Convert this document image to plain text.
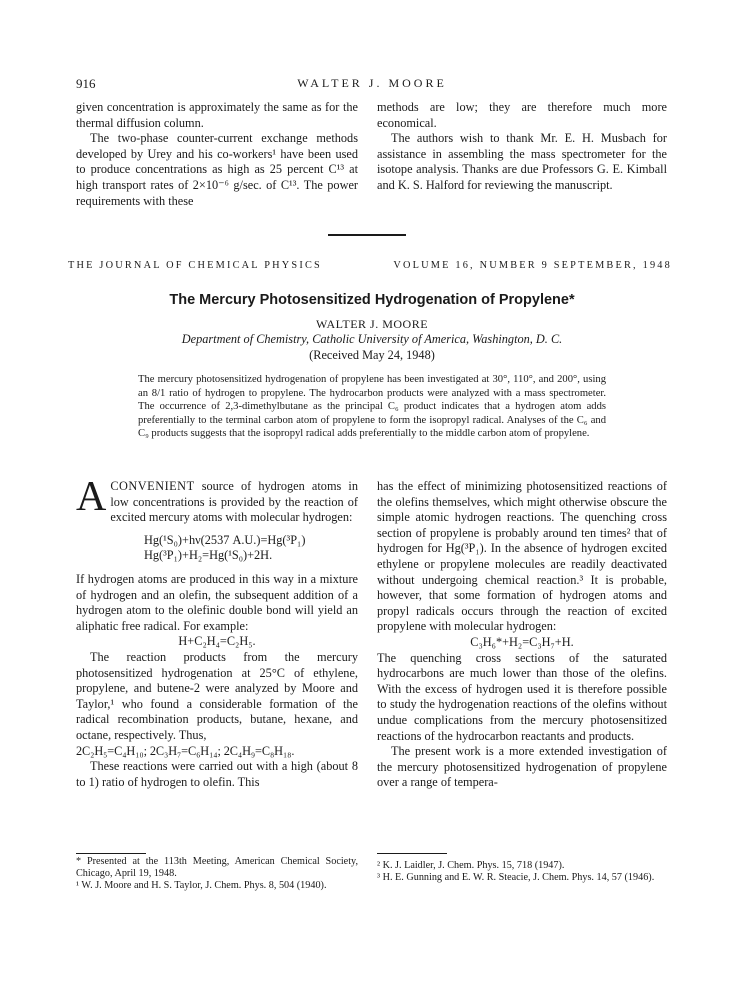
916	WALTER J. MOORE

given concentration is approximately the same as for the thermal diffusion column.

The two-phase counter-current exchange methods developed by Urey and his co-workers¹ have been used to produce concentrations as high as 25 percent C¹³ at high transport rates of 2×10⁻⁶ g/sec. of C¹³. The power requirements with these

methods are low; they are therefore much more economical.

The authors wish to thank Mr. E. H. Musbach for assistance in assembling the mass spectrometer for the isotope analysis. Thanks are due Professors G. E. Kimball and K. S. Halford for reviewing the manuscript.

THE JOURNAL OF CHEMICAL PHYSICS	VOLUME 16, NUMBER 9 SEPTEMBER, 1948
The Mercury Photosensitized Hydrogenation of Propylene*
WALTER J. MOORE
Department of Chemistry, Catholic University of America, Washington, D. C.
(Received May 24, 1948)
The mercury photosensitized hydrogenation of propylene has been investigated at 30°, 110°, and 200°, using an 8/1 ratio of hydrogen to propylene. The hydrocarbon products were analyzed with a mass spectrometer. The occurrence of 2,3-dimethylbutane as the principal C₆ product indicates that a hydrogen atom adds preferentially to the terminal carbon atom of propylene to form the isopropyl radical. Analyses of the C₆ and C₉ products suggests that the isopropyl radical adds preferentially to the middle carbon atom of propylene.

ACONVENIENT source of hydrogen atoms in low concentrations is provided by the reaction of excited mercury atoms with molecular hydrogen:

Hg(¹S₀)+hν(2537 A.U.)=Hg(³P₁)
Hg(³P₁)+H₂=Hg(¹S₀)+2H.

If hydrogen atoms are produced in this way in a mixture of hydrogen and an olefin, the subsequent addition of a hydrogen atom to the olefinic double bond will yield an aliphatic free radical. For example:

H+C₂H₄=C₂H₅.

The reaction products from the mercury photosensitized hydrogenation at 25°C of ethylene, propylene, and butene-2 were analyzed by Moore and Taylor,¹ who found a considerable formation of the radical recombination products, butane, hexane, and octane, respectively. Thus,

2C₂H₅=C₄H₁₀; 2C₃H₇=C₆H₁₄; 2C₄H₉=C₈H₁₈.

These reactions were carried out with a high (about 8 to 1) ratio of hydrogen to olefin. This

has the effect of minimizing photosensitized reactions of the olefins themselves, which might otherwise obscure the simple atomic hydrogen reactions. The quenching cross section of propylene is probably around ten times² that of hydrogen for Hg(³P₁). In the absence of hydrogen excited ethylene or propylene molecules are readily deactivated without undergoing chemical reaction.³ It is probable, however, that some formation of hydrogen atoms and propyl radicals occurs through the reaction of excited propylene with molecular hydrogen:

C₃H₆*+H₂=C₃H₇+H.

The quenching cross sections of the saturated hydrocarbons are much lower than those of the olefins. With the excess of hydrogen used it is therefore possible to study the hydrogenation reactions of the olefins without undue complications from the mercury photosensitized reactions of the hydrocarbon reactants and products.

The present work is a more extended investigation of the mercury photosensitized hydrogenation of propylene over a range of tempera-

* Presented at the 113th Meeting, American Chemical Society, Chicago, April 19, 1948.

¹ W. J. Moore and H. S. Taylor, J. Chem. Phys. 8, 504 (1940).

² K. J. Laidler, J. Chem. Phys. 15, 718 (1947).

³ H. E. Gunning and E. W. R. Steacie, J. Chem. Phys. 14, 57 (1946).
